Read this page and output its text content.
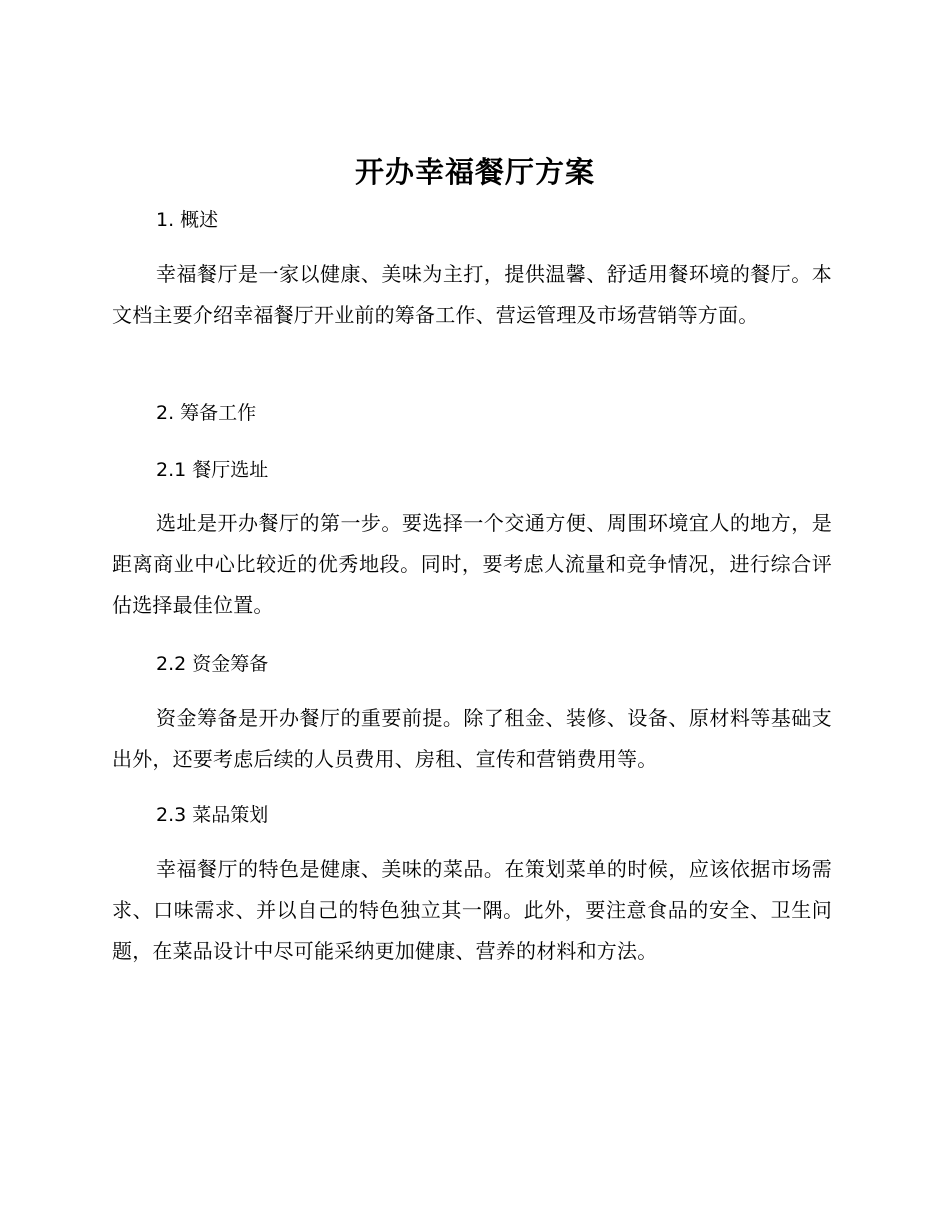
开办幸福餐厅方案
1. 概述

幸福餐厅是一家以健康、美味为主打，提供温馨、舒适用餐环境的餐厅。本文档主要介绍幸福餐厅开业前的筹备工作、营运管理及市场营销等方面。

2. 筹备工作
2.1 餐厅选址

选址是开办餐厅的第一步。要选择一个交通方便、周围环境宜人的地方，是距离商业中心比较近的优秀地段。同时，要考虑人流量和竞争情况，进行综合评估选择最佳位置。

2.2 资金筹备

资金筹备是开办餐厅的重要前提。除了租金、装修、设备、原材料等基础支出外，还要考虑后续的人员费用、房租、宣传和营销费用等。

2.3 菜品策划

幸福餐厅的特色是健康、美味的菜品。在策划菜单的时候，应该依据市场需求、口味需求、并以自己的特色独立其一隅。此外，要注意食品的安全、卫生问题，在菜品设计中尽可能采纳更加健康、营养的材料和方法。
